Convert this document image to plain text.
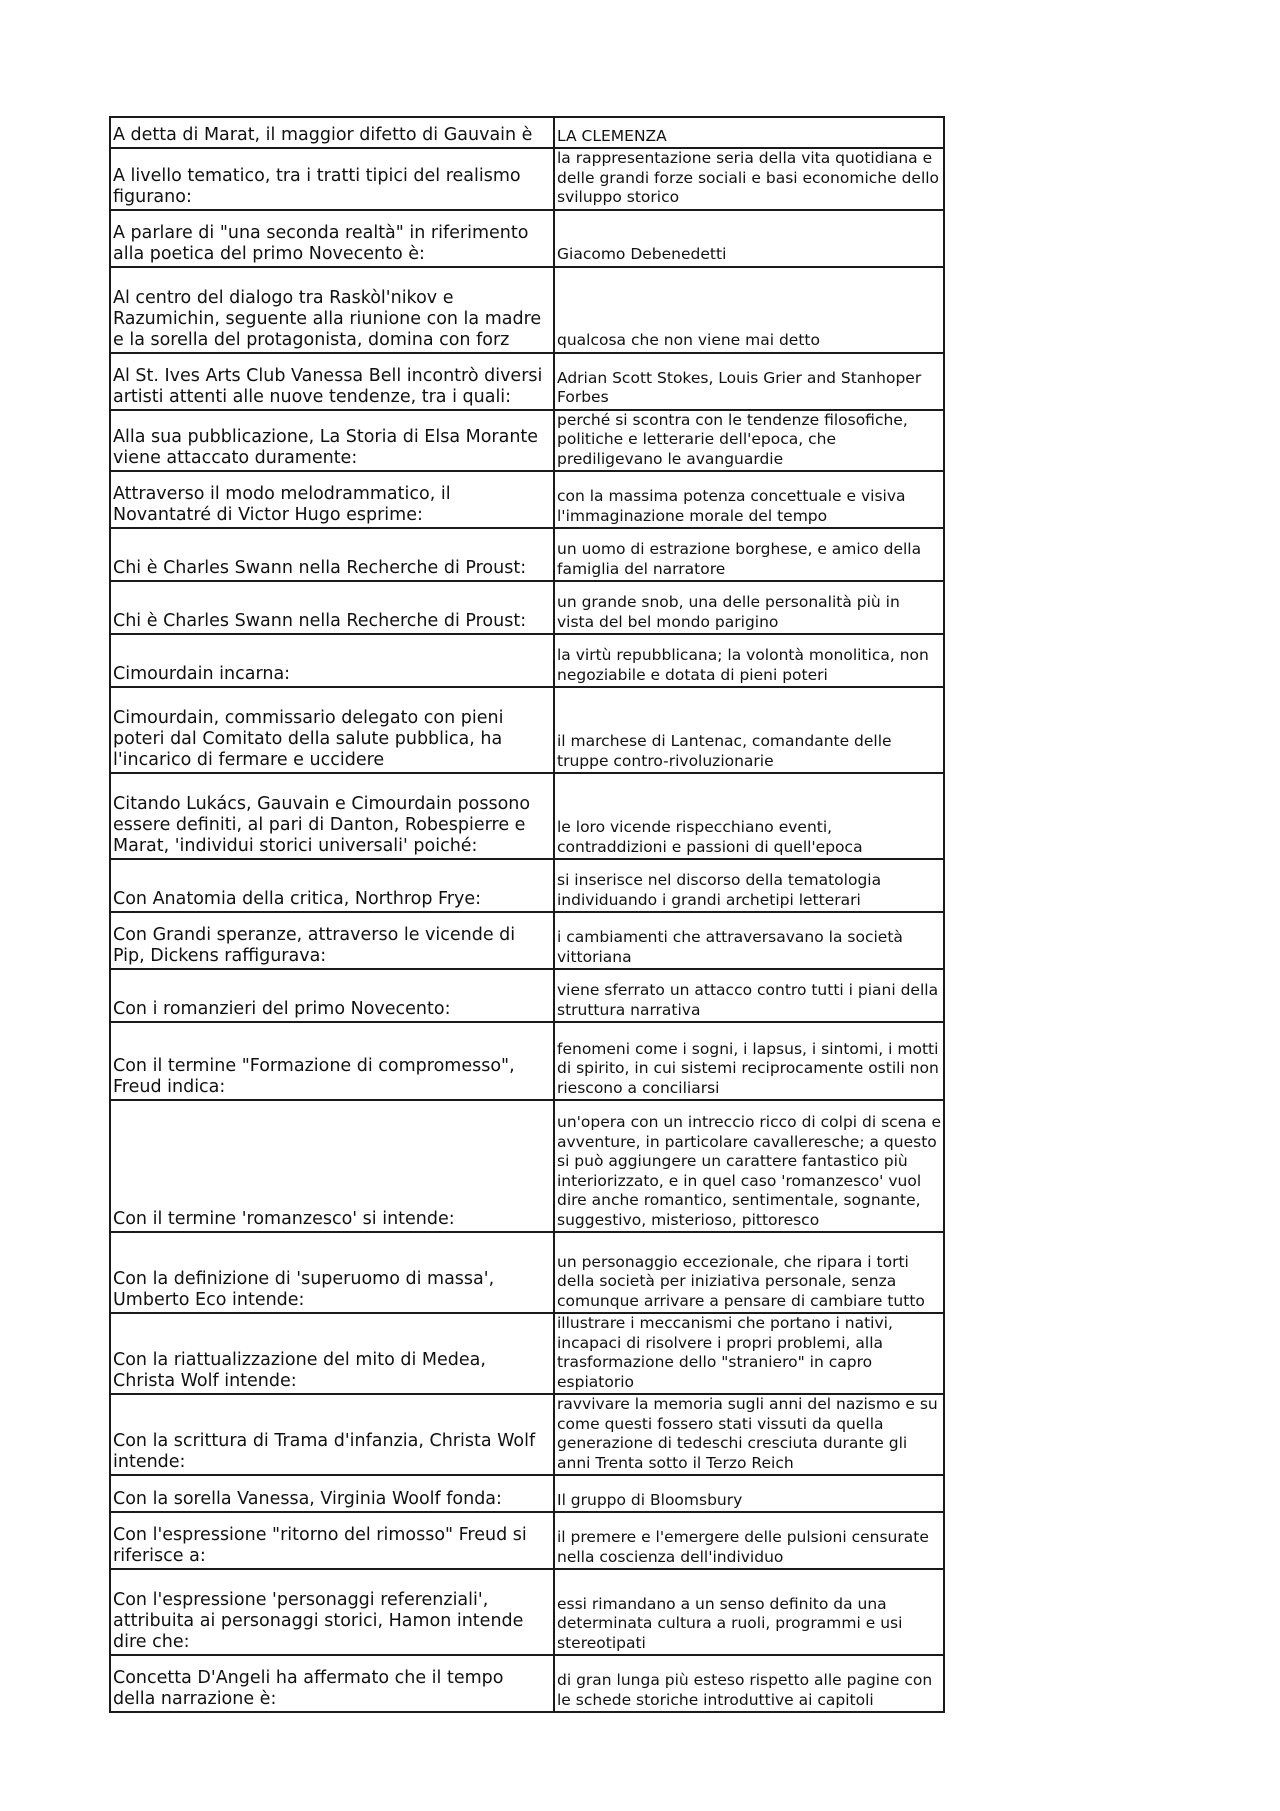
A detta di Marat, il maggior difetto di Gauvain è	LA CLEMENZA
A livello tematico, tra i tratti tipici del realismo figurano:	la rappresentazione seria della vita quotidiana e delle grandi forze sociali e basi economiche dello sviluppo storico
A parlare di "una seconda realtà" in riferimento alla poetica del primo Novecento è:	Giacomo Debenedetti
Al centro del dialogo tra Raskòl'nikov e Razumichin, seguente alla riunione con la madre e la sorella del protagonista, domina con forz	qualcosa che non viene mai detto
Al St. Ives Arts Club Vanessa Bell incontrò diversi artisti attenti alle nuove tendenze, tra i quali:	Adrian Scott Stokes, Louis Grier and Stanhoper Forbes
Alla sua pubblicazione, La Storia di Elsa Morante viene attaccato duramente:	perché si scontra con le tendenze filosofiche, politiche e letterarie dell'epoca, che prediligevano le avanguardie
Attraverso il modo melodrammatico, il Novantatré di Victor Hugo esprime:	con la massima potenza concettuale e visiva l'immaginazione morale del tempo
Chi è Charles Swann nella Recherche di Proust:	un uomo di estrazione borghese, e amico della famiglia del narratore
Chi è Charles Swann nella Recherche di Proust:	un grande snob, una delle personalità più in vista del bel mondo parigino
Cimourdain incarna:	la virtù repubblicana; la volontà monolitica, non negoziabile e dotata di pieni poteri
Cimourdain, commissario delegato con pieni poteri dal Comitato della salute pubblica, ha l'incarico di fermare e uccidere	il marchese di Lantenac, comandante delle truppe contro-rivoluzionarie
Citando Lukács, Gauvain e Cimourdain possono essere definiti, al pari di Danton, Robespierre e Marat, 'individui storici universali' poiché:	le loro vicende rispecchiano eventi, contraddizioni e passioni di quell'epoca
Con Anatomia della critica, Northrop Frye:	si inserisce nel discorso della tematologia individuando i grandi archetipi letterari
Con Grandi speranze, attraverso le vicende di Pip, Dickens raffigurava:	i cambiamenti che attraversavano la società vittoriana
Con i romanzieri del primo Novecento:	viene sferrato un attacco contro tutti i piani della struttura narrativa
Con il termine "Formazione di compromesso", Freud indica:	fenomeni come i sogni, i lapsus, i sintomi, i motti di spirito, in cui sistemi reciprocamente ostili non riescono a conciliarsi
Con il termine 'romanzesco' si intende:	un'opera con un intreccio ricco di colpi di scena e avventure, in particolare cavalleresche; a questo si può aggiungere un carattere fantastico più interiorizzato, e in quel caso 'romanzesco' vuol dire anche romantico, sentimentale, sognante, suggestivo, misterioso, pittoresco
Con la definizione di 'superuomo di massa', Umberto Eco intende:	un personaggio eccezionale, che ripara i torti della società per iniziativa personale, senza comunque arrivare a pensare di cambiare tutto
Con la riattualizzazione del mito di Medea, Christa Wolf intende:	illustrare i meccanismi che portano i nativi, incapaci di risolvere i propri problemi, alla trasformazione dello "straniero" in capro espiatorio
Con la scrittura di Trama d'infanzia, Christa Wolf intende:	ravvivare la memoria sugli anni del nazismo e su come questi fossero stati vissuti da quella generazione di tedeschi cresciuta durante gli anni Trenta sotto il Terzo Reich
Con la sorella Vanessa, Virginia Woolf fonda:	Il gruppo di Bloomsbury
Con l'espressione "ritorno del rimosso" Freud si riferisce a:	il premere e l'emergere delle pulsioni censurate nella coscienza dell'individuo
Con l'espressione 'personaggi referenziali', attribuita ai personaggi storici, Hamon intende dire che:	essi rimandano a un senso definito da una determinata cultura a ruoli, programmi e usi stereotipati
Concetta D'Angeli ha affermato che il tempo della narrazione è:	di gran lunga più esteso rispetto alle pagine con le schede storiche introduttive ai capitoli
